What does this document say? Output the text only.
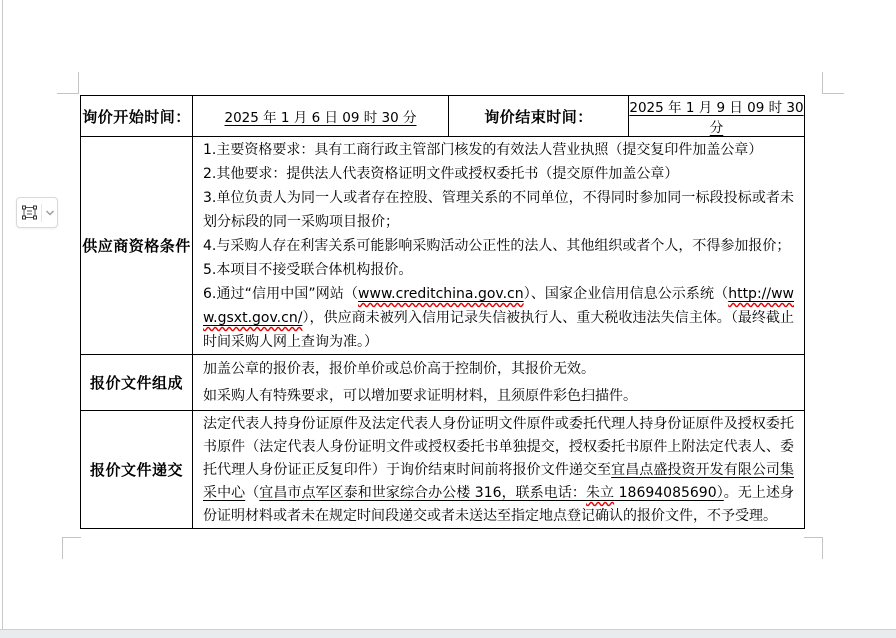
询价开始时间： 2025 年 1 月 6 日 09 时 30 分	询价结束时间：	2025 年 1 月 9 日 09 时 30 分
供应商资格条件

1.主要资格要求：具有工商行政主管部门核发的有效法人营业执照（提交复印件加盖公章）

2.其他要求：提供法人代表资格证明文件或授权委托书（提交原件加盖公章）

3.单位负责人为同一人或者存在控股、管理关系的不同单位，不得同时参加同一标段投标或者未划分标段的同一采购项目报价；

4.与采购人存在利害关系可能影响采购活动公正性的法人、其他组织或者个人，不得参加报价；

5.本项目不接受联合体机构报价。

6.通过“信用中国”网站（www.creditchina.gov.cn）、国家企业信用信息公示系统（http://www.gsxt.gov.cn/），供应商未被列入信用记录失信被执行人、重大税收违法失信主体。（最终截止时间采购人网上查询为准。）

报价文件组成

加盖公章的报价表，报价单价或总价高于控制价，其报价无效。

如采购人有特殊要求，可以增加要求证明材料，且须原件彩色扫描件。

报价文件递交

法定代表人持身份证原件及法定代表人身份证明文件原件或委托代理人持身份证原件及授权委托书原件（法定代表人身份证明文件或授权委托书单独提交，授权委托书原件上附法定代表人、委托代理人身份证正反复印件）于询价结束时间前将报价文件递交至宜昌点盛投资开发有限公司集采中心（宜昌市点军区泰和世家综合办公楼 316，联系电话：朱立 18694085690）。无上述身份证明材料或者未在规定时间段递交或者未送达至指定地点登记确认的报价文件，不予受理。
